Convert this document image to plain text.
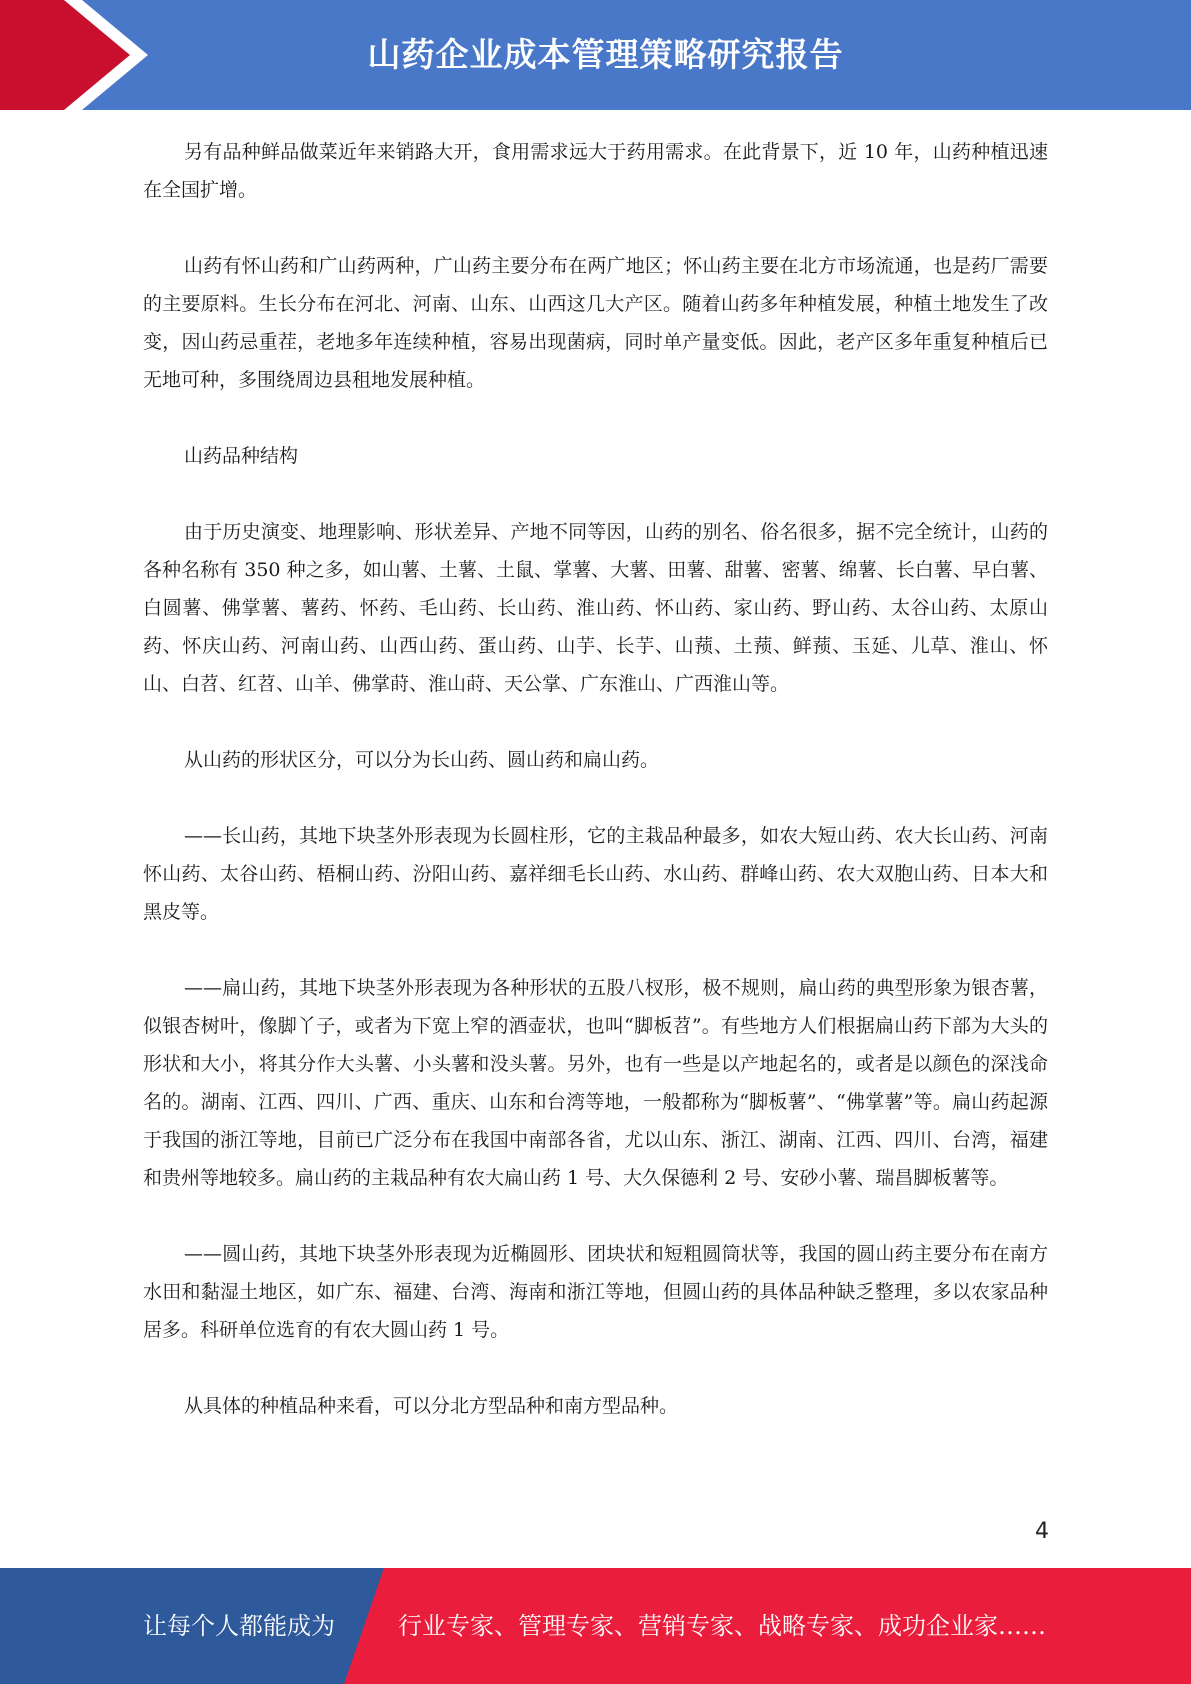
山药企业成本管理策略研究报告

另有品种鲜品做菜近年来销路大开，食用需求远大于药用需求。在此背景下，近 10 年，山药种植迅速在全国扩增。

山药有怀山药和广山药两种，广山药主要分布在两广地区；怀山药主要在北方市场流通，也是药厂需要的主要原料。生长分布在河北、河南、山东、山西这几大产区。随着山药多年种植发展，种植土地发生了改变，因山药忌重茬，老地多年连续种植，容易出现菌病，同时单产量变低。因此，老产区多年重复种植后已无地可种，多围绕周边县租地发展种植。

山药品种结构

由于历史演变、地理影响、形状差异、产地不同等因，山药的别名、俗名很多，据不完全统计，山药的各种名称有 350 种之多，如山薯、土薯、土鼠、掌薯、大薯、田薯、甜薯、密薯、绵薯、长白薯、早白薯、白圆薯、佛掌薯、薯药、怀药、毛山药、长山药、淮山药、怀山药、家山药、野山药、太谷山药、太原山药、怀庆山药、河南山药、山西山药、蛋山药、山芋、长芋、山蓣、土蓣、鲜蓣、玉延、儿草、淮山、怀山、白苕、红苕、山羊、佛掌莳、淮山莳、天公掌、广东淮山、广西淮山等。

从山药的形状区分，可以分为长山药、圆山药和扁山药。

——长山药，其地下块茎外形表现为长圆柱形，它的主栽品种最多，如农大短山药、农大长山药、河南怀山药、太谷山药、梧桐山药、汾阳山药、嘉祥细毛长山药、水山药、群峰山药、农大双胞山药、日本大和黑皮等。

——扁山药，其地下块茎外形表现为各种形状的五股八杈形，极不规则，扁山药的典型形象为银杏薯，似银杏树叶，像脚丫子，或者为下宽上窄的酒壶状，也叫“脚板苕”。有些地方人们根据扁山药下部为大头的形状和大小，将其分作大头薯、小头薯和没头薯。另外，也有一些是以产地起名的，或者是以颜色的深浅命名的。湖南、江西、四川、广西、重庆、山东和台湾等地，一般都称为“脚板薯”、“佛掌薯”等。扁山药起源于我国的浙江等地，目前已广泛分布在我国中南部各省，尤以山东、浙江、湖南、江西、四川、台湾，福建和贵州等地较多。扁山药的主栽品种有农大扁山药 1 号、大久保德利 2 号、安砂小薯、瑞昌脚板薯等。

——圆山药，其地下块茎外形表现为近椭圆形、团块状和短粗圆筒状等，我国的圆山药主要分布在南方水田和黏湿土地区，如广东、福建、台湾、海南和浙江等地，但圆山药的具体品种缺乏整理，多以农家品种居多。科研单位选育的有农大圆山药 1 号。

从具体的种植品种来看，可以分北方型品种和南方型品种。

4
让每个人都能成为	行业专家、管理专家、营销专家、战略专家、成功企业家……
